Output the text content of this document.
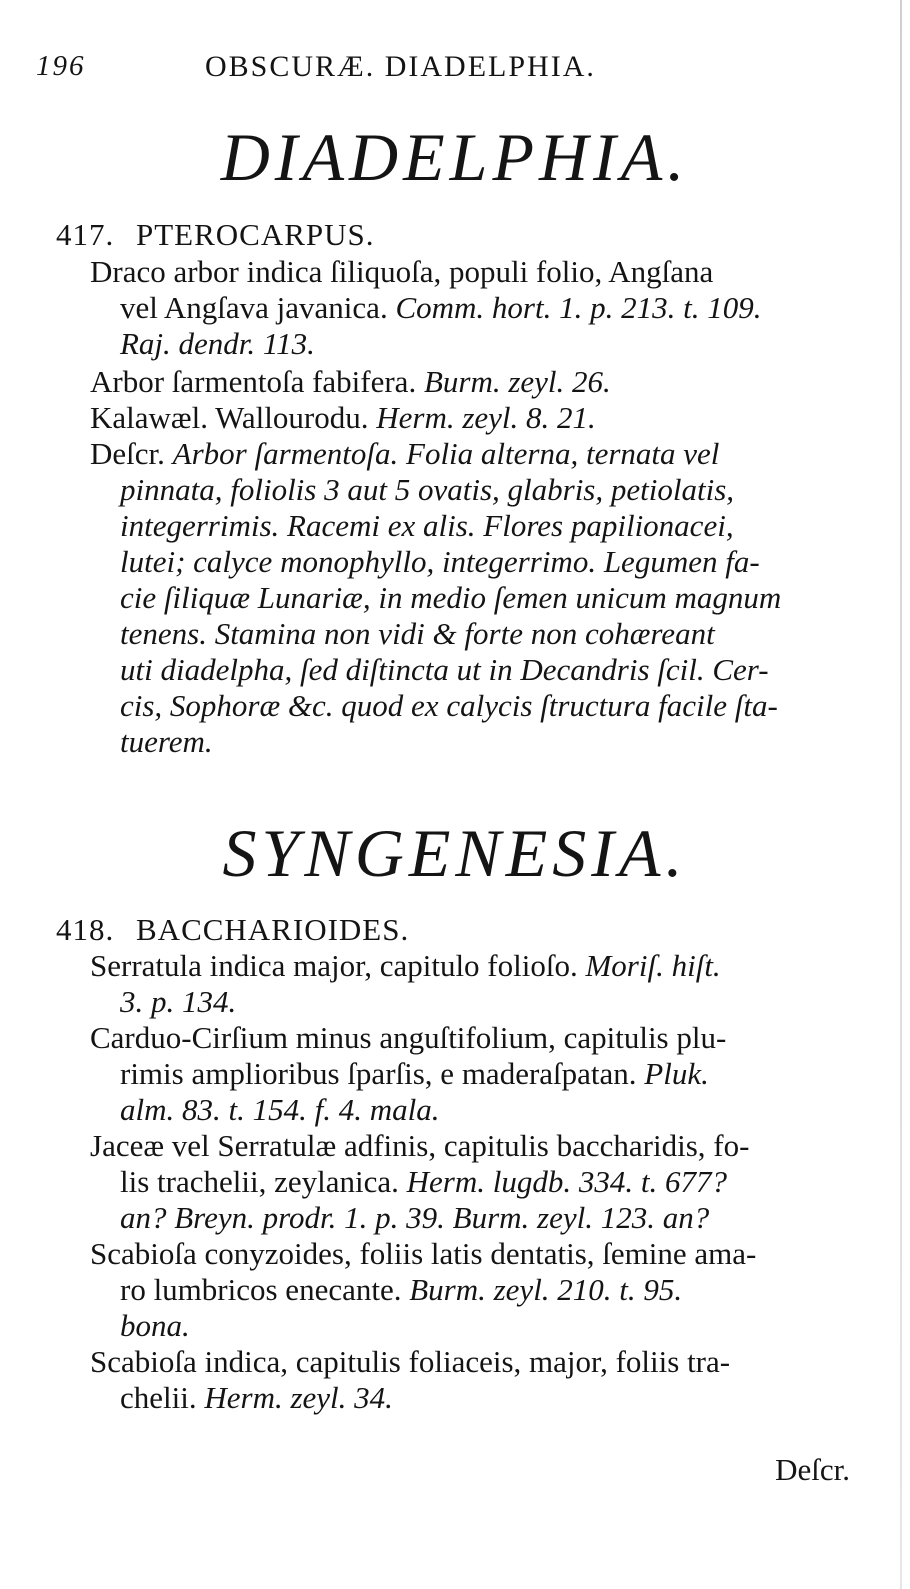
196	OBSCURÆ. DIADELPHIA.
DIADELPHIA.
417. PTEROCARPUS.
Draco arbor indica ſiliquoſa, populi folio, Angſana
vel Angſava javanica. Comm. hort. 1. p. 213. t. 109.
Raj. dendr. 113.
Arbor ſarmentoſa fabifera. Burm. zeyl. 26.
Kalawæl. Wallourodu. Herm. zeyl. 8. 21.
Deſcr. Arbor ſarmentoſa. Folia alterna, ternata vel
pinnata, foliolis 3 aut 5 ovatis, glabris, petiolatis,
integerrimis. Racemi ex alis. Flores papilionacei,
lutei; calyce monophyllo, integerrimo. Legumen fa-
cie ſiliquæ Lunariæ, in medio ſemen unicum magnum
tenens. Stamina non vidi & forte non cohæreant
uti diadelpha, ſed diſtincta ut in Decandris ſcil. Cer-
cis, Sophoræ &c. quod ex calycis ſtructura facile ſta-
tuerem.
SYNGENESIA.
418. BACCHARIOIDES.
Serratula indica major, capitulo folioſo. Moriſ. hiſt.
3. p. 134.
Carduo-Cirſium minus anguſtifolium, capitulis plu-
rimis amplioribus ſparſis, e maderaſpatan. Pluk.
alm. 83. t. 154. f. 4. mala.
Jaceæ vel Serratulæ adfinis, capitulis baccharidis, fo-
lis trachelii, zeylanica. Herm. lugdb. 334. t. 677?
an? Breyn. prodr. 1. p. 39. Burm. zeyl. 123. an?
Scabioſa conyzoides, foliis latis dentatis, ſemine ama-
ro lumbricos enecante. Burm. zeyl. 210. t. 95.
bona.
Scabioſa indica, capitulis foliaceis, major, foliis tra-
chelii. Herm. zeyl. 34.
Deſcr.
